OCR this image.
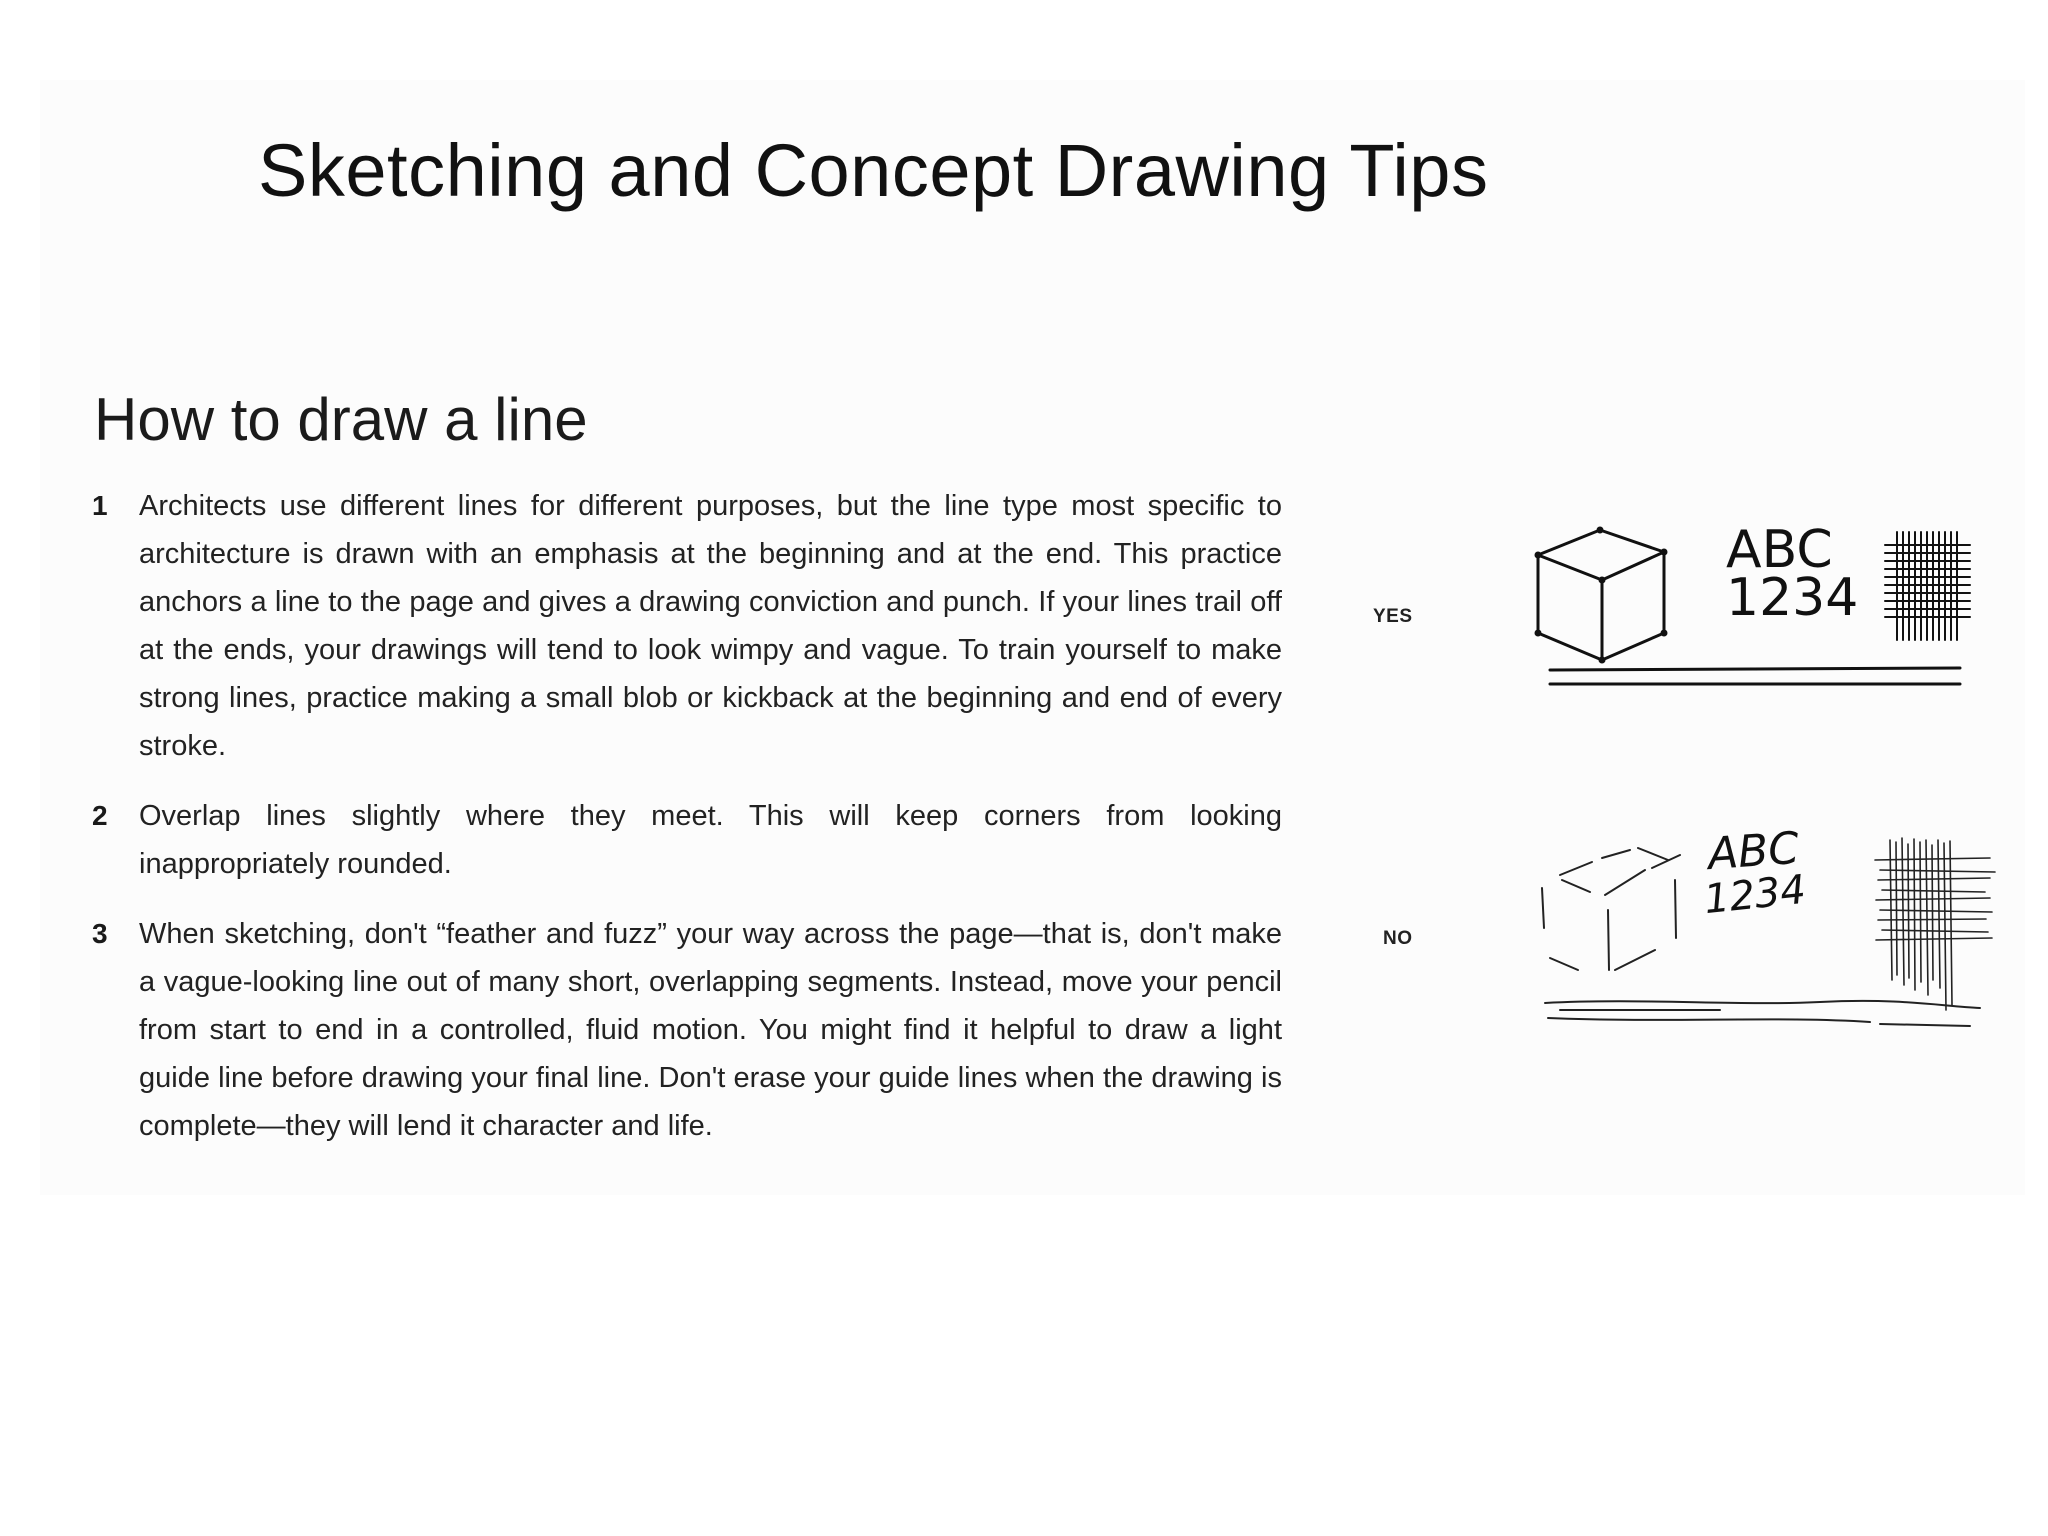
Sketching and Concept Drawing Tips
How to draw a line
1 Architects use different lines for different purposes, but the line type most specific to architecture is drawn with an emphasis at the beginning and at the end. This practice anchors a line to the page and gives a drawing conviction and punch. If your lines trail off at the ends, your drawings will tend to look wimpy and vague. To train yourself to make strong lines, practice making a small blob or kickback at the beginning and end of every stroke.
2 Overlap lines slightly where they meet. This will keep corners from looking inappropriately rounded.
3 When sketching, don't “feather and fuzz” your way across the page—that is, don't make a vague-looking line out of many short, overlapping segments. Instead, move your pencil from start to end in a controlled, fluid motion. You might find it helpful to draw a light guide line before drawing your final line. Don't erase your guide lines when the drawing is complete—they will lend it character and life.
YES
NO
ABC
1234
ABC
1234
